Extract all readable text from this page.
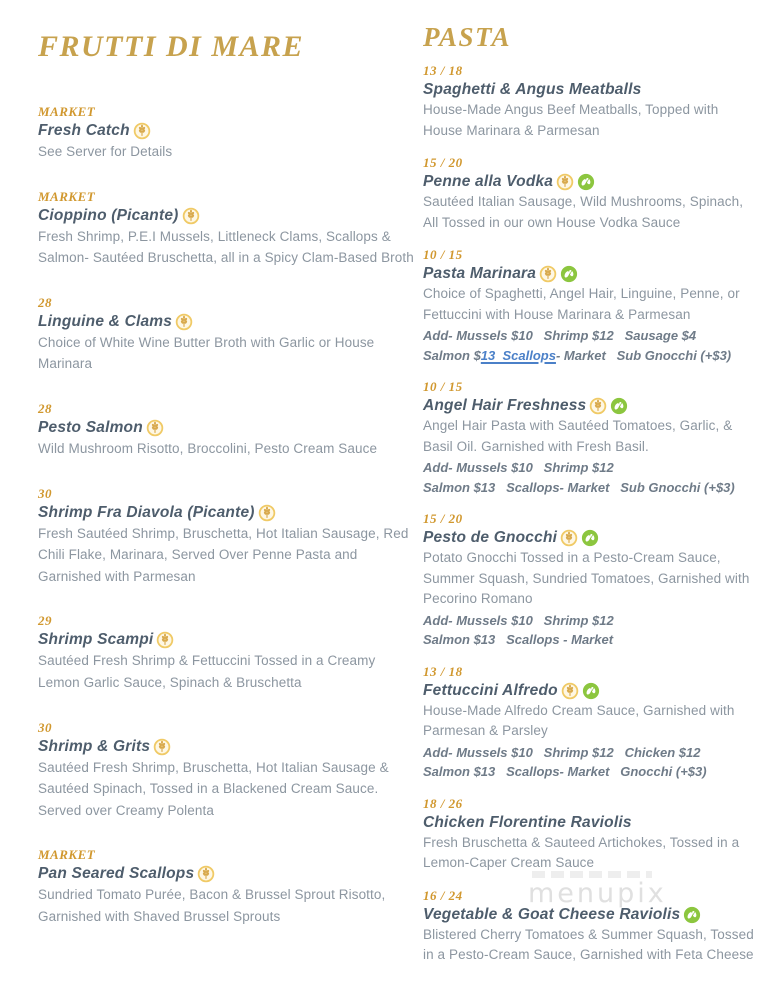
FRUTTI DI MARE
MARKET
Fresh Catch
See Server for Details
MARKET
Cioppino (Picante)
Fresh Shrimp, P.E.I Mussels, Littleneck Clams, Scallops & Salmon- Sautéed Bruschetta, all in a Spicy Clam-Based Broth
28
Linguine & Clams
Choice of White Wine Butter Broth with Garlic or House Marinara
28
Pesto Salmon
Wild Mushroom Risotto, Broccolini, Pesto Cream Sauce
30
Shrimp Fra Diavola (Picante)
Fresh Sautéed Shrimp, Bruschetta, Hot Italian Sausage, Red Chili Flake, Marinara, Served Over Penne Pasta and Garnished with Parmesan
29
Shrimp Scampi
Sautéed Fresh Shrimp & Fettuccini Tossed in a Creamy Lemon Garlic Sauce, Spinach & Bruschetta
30
Shrimp & Grits
Sautéed Fresh Shrimp, Bruschetta, Hot Italian Sausage & Sautéed Spinach, Tossed in a Blackened Cream Sauce. Served over Creamy Polenta
MARKET
Pan Seared Scallops
Sundried Tomato Purée, Bacon & Brussel Sprout Risotto, Garnished with Shaved Brussel Sprouts
PASTA
13 / 18
Spaghetti & Angus Meatballs
House-Made Angus Beef Meatballs, Topped with House Marinara & Parmesan
15 / 20
Penne alla Vodka
Sautéed Italian Sausage, Wild Mushrooms, Spinach, All Tossed in our own House Vodka Sauce
10 / 15
Pasta Marinara
Choice of Spaghetti, Angel Hair, Linguine, Penne, or Fettuccini with House Marinara & Parmesan
Add- Mussels $10   Shrimp $12   Sausage $4
Salmon $13  Scallops- Market   Sub Gnocchi (+$3)
10 / 15
Angel Hair Freshness
Angel Hair Pasta with Sautéed Tomatoes, Garlic, & Basil Oil. Garnished with Fresh Basil.
Add- Mussels $10   Shrimp $12
Salmon $13   Scallops- Market   Sub Gnocchi (+$3)
15 / 20
Pesto de Gnocchi
Potato Gnocchi Tossed in a Pesto-Cream Sauce, Summer Squash, Sundried Tomatoes, Garnished with Pecorino Romano
Add- Mussels $10   Shrimp $12
Salmon $13   Scallops - Market
13 / 18
Fettuccini Alfredo
House-Made Alfredo Cream Sauce, Garnished with Parmesan & Parsley
Add- Mussels $10   Shrimp $12   Chicken $12
Salmon $13   Scallops- Market   Gnocchi (+$3)
18 / 26
Chicken Florentine Raviolis
Fresh Bruschetta & Sauteed Artichokes, Tossed in a Lemon-Caper Cream Sauce
16 / 24
Vegetable & Goat Cheese Raviolis
Blistered Cherry Tomatoes & Summer Squash, Tossed in a Pesto-Cream Sauce, Garnished with Feta Cheese
menupix
